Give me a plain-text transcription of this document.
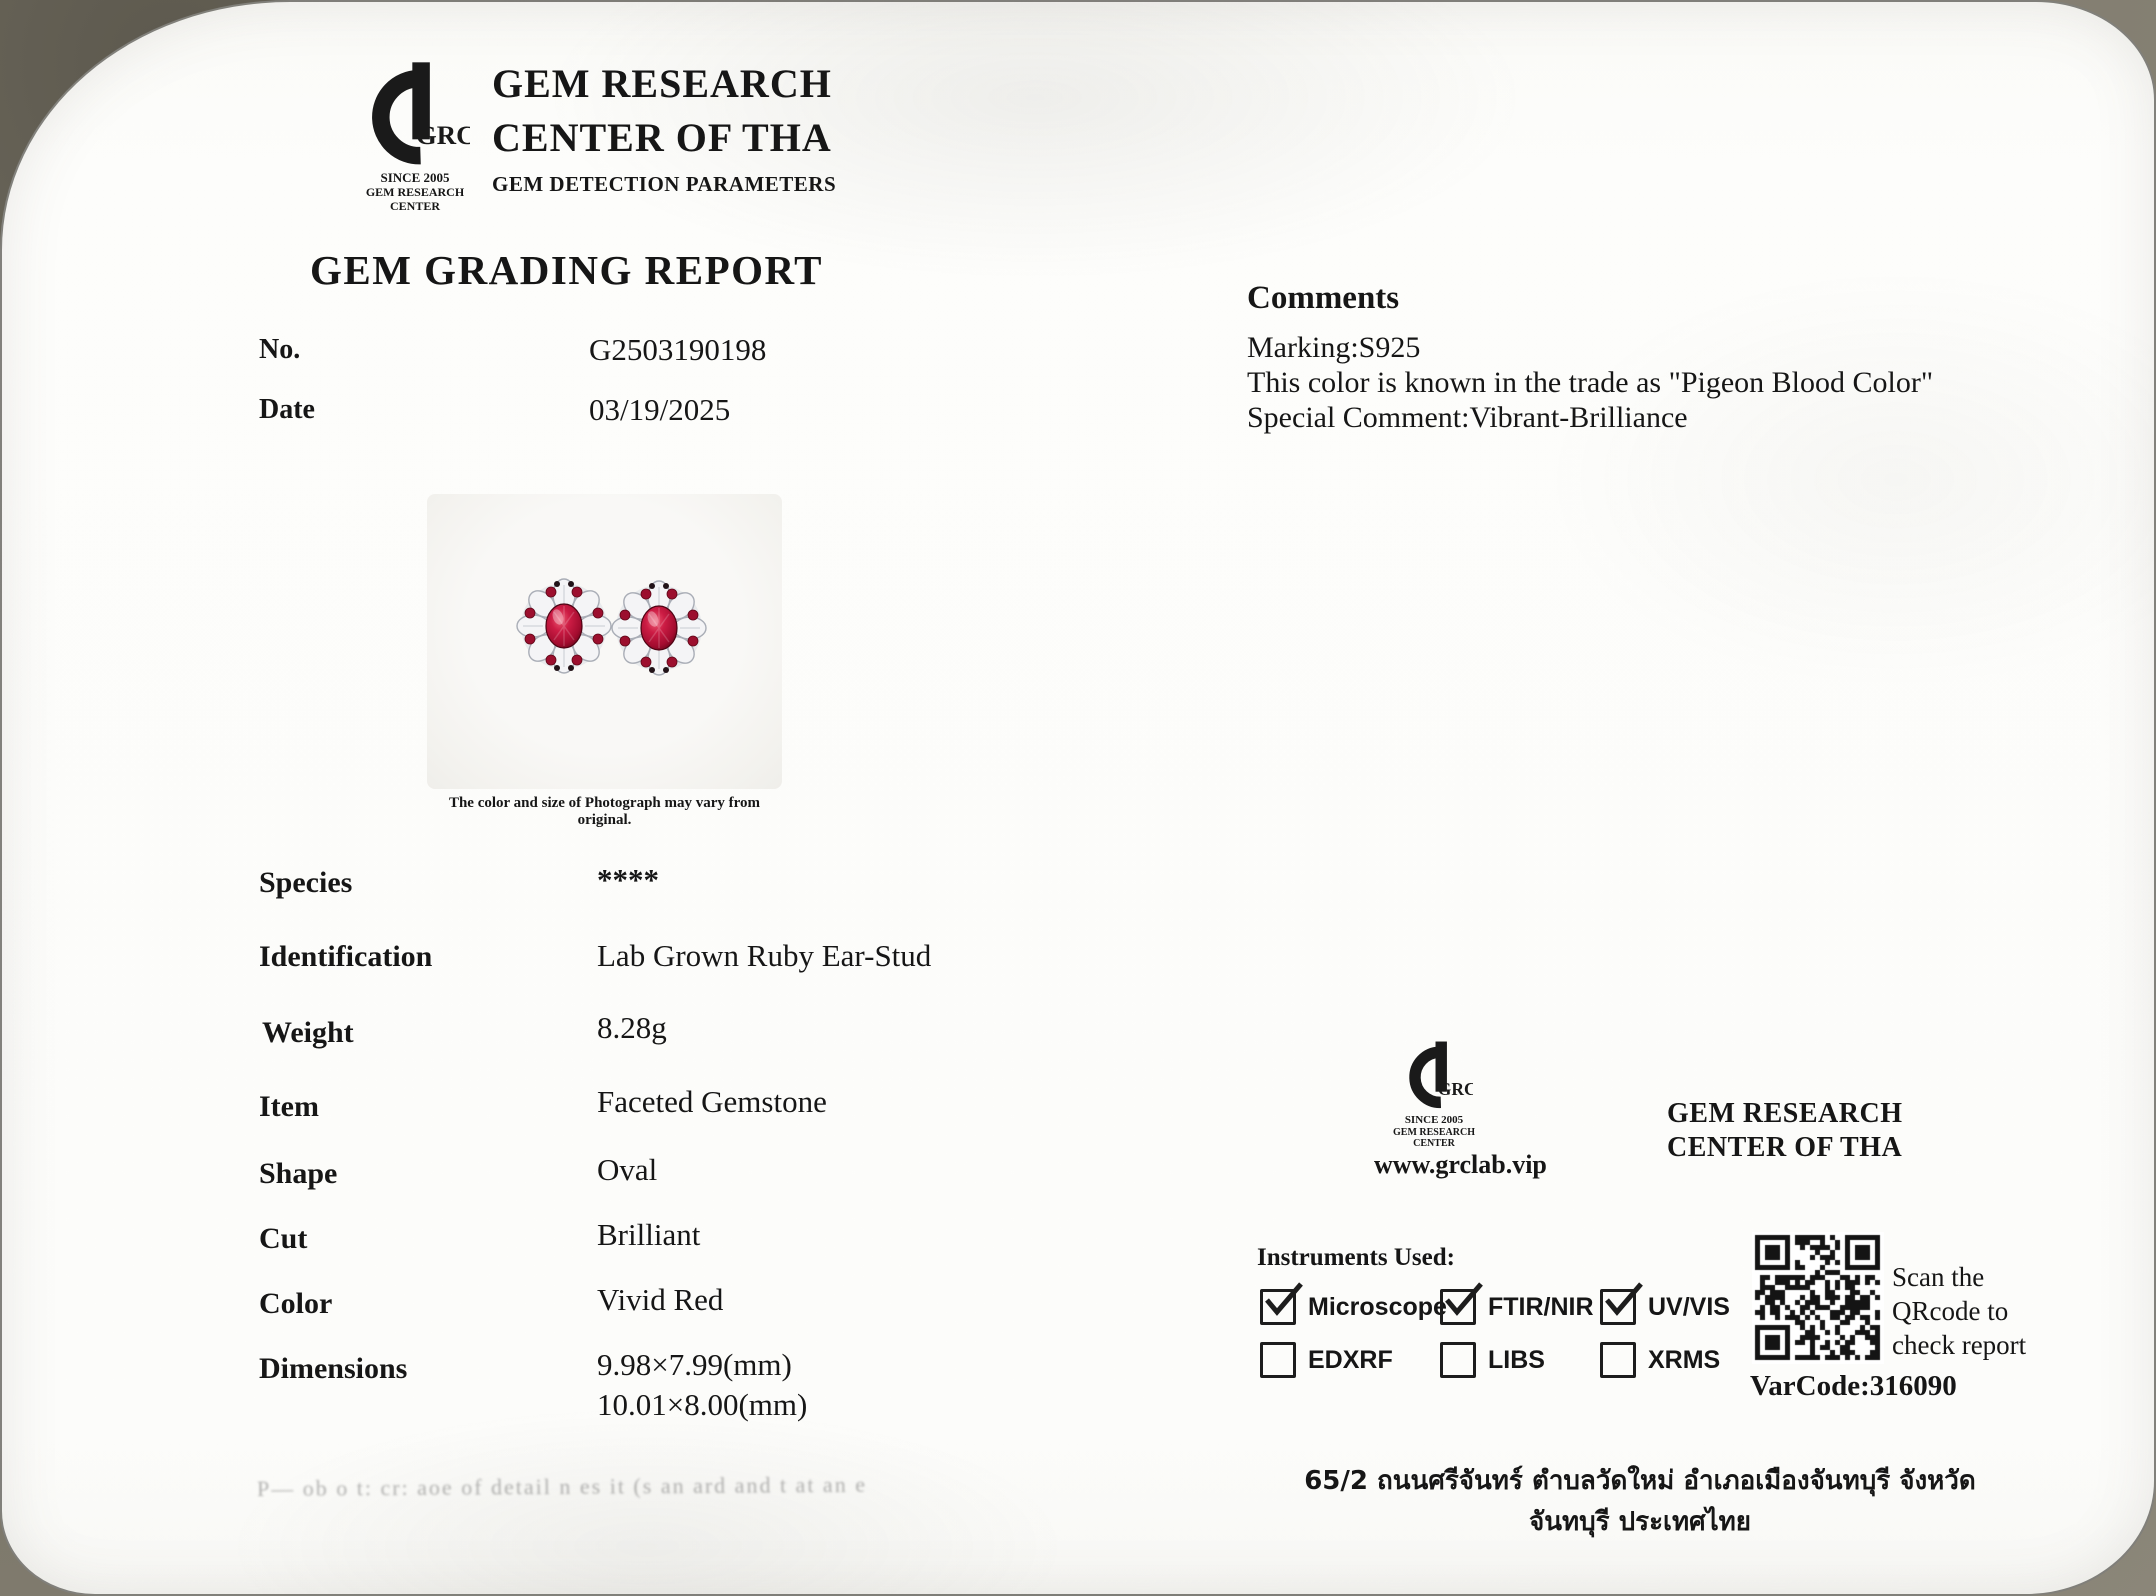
GRC
SINCE 2005
GEM RESEARCH CENTER
GEM RESEARCH
CENTER OF THA
GEM DETECTION PARAMETERS
GEM GRADING REPORT
No.	G2503190198
Date	03/19/2025
The color and size of Photograph may vary from original.
Species	****
Identification	Lab Grown Ruby Ear-Stud
Weight	8.28g
Item	Faceted Gemstone
Shape	Oval
Cut	Brilliant
Color	Vivid Red
Dimensions	9.98×7.99(mm)
10.01×8.00(mm)
Comments
Marking:S925
This color is known in the trade as "Pigeon Blood Color"
Special Comment:Vibrant-Brilliance
GRC
SINCE 2005
GEM RESEARCH CENTER
www.grclab.vip
GEM RESEARCH
CENTER OF THA
Instruments Used:
Microscope FTIR/NIR UV/VIS
EDXRF	LIBS	XRMS
Scan the
QRcode to
check report
VarCode:316090
P— ob o t: cr: aoe of detail n es it (s an ard and t at an e	65/2 ถนนศรีจันทร์ ตำบลวัดใหม่ อำเภอเมืองจันทบุรี จังหวัดจันทบุรี ประเทศไทย
